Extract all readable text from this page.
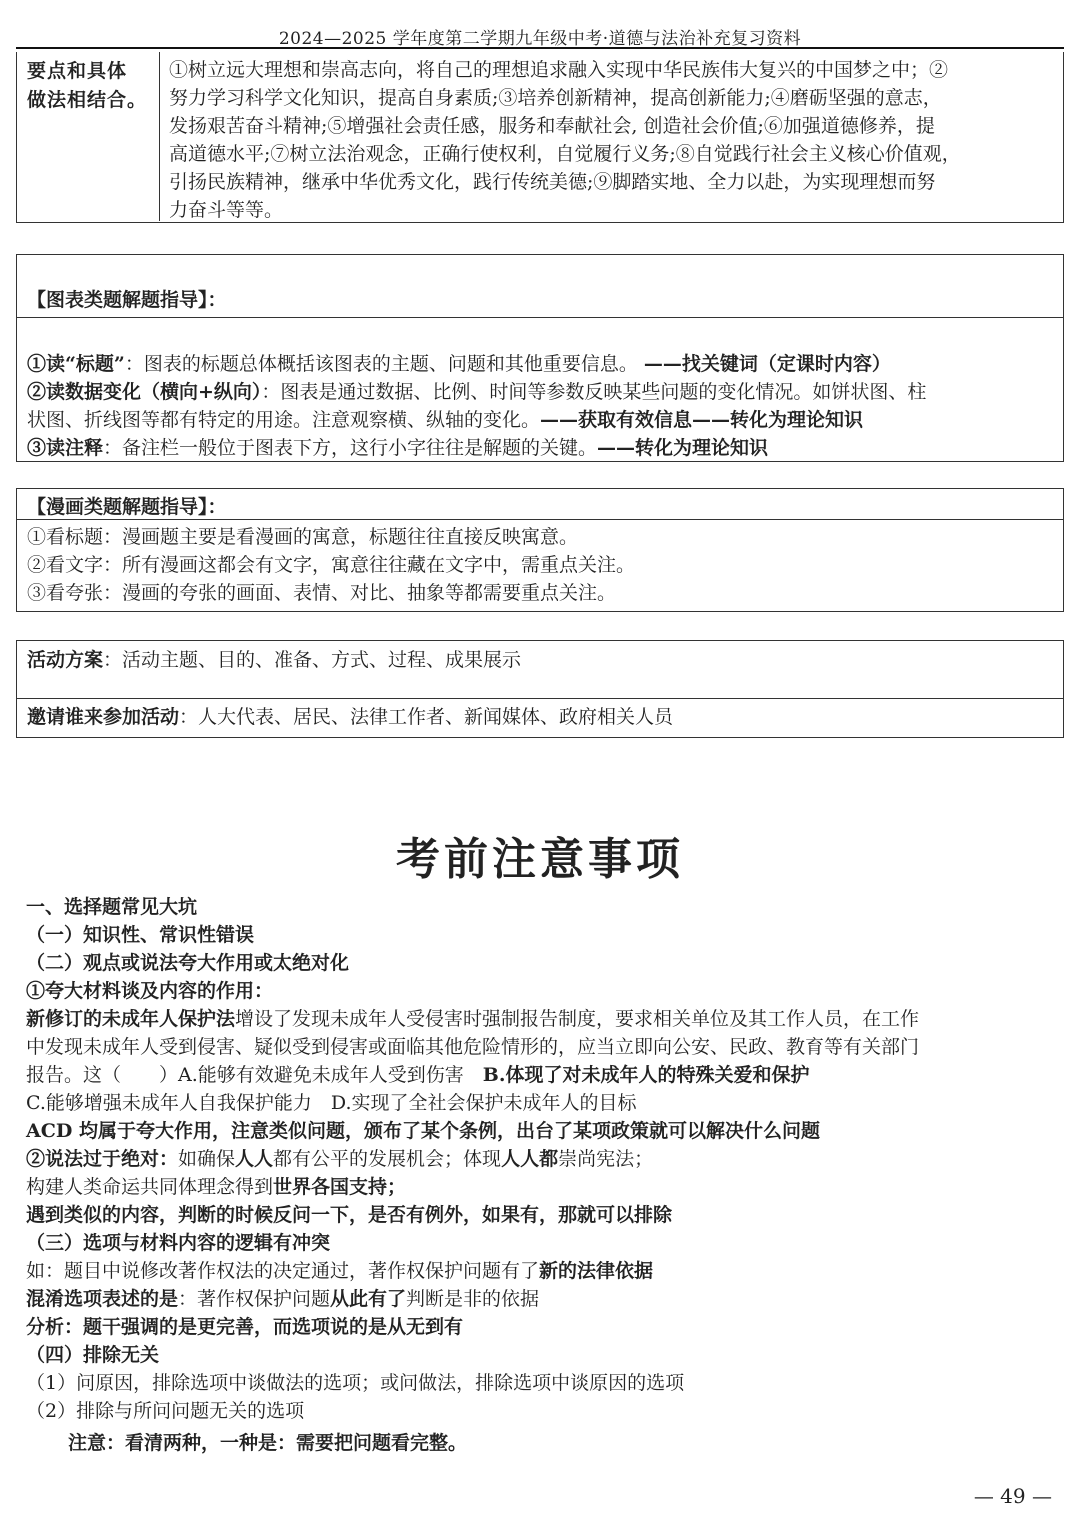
2024—2025 学年度第二学期九年级中考·道德与法治补充复习资料
要点和具体
做法相结合。
①树立远大理想和崇高志向，将自己的理想追求融入实现中华民族伟大复兴的中国梦之中；②
努力学习科学文化知识，提高自身素质;③培养创新精神，提高创新能力;④磨砺坚强的意志，
发扬艰苦奋斗精神;⑤增强社会责任感，服务和奉献社会, 创造社会价值;⑥加强道德修养，提
高道德水平;⑦树立法治观念，正确行使权利，自觉履行义务;⑧自觉践行社会主义核心价值观，
引扬民族精神，继承中华优秀文化，践行传统美德;⑨脚踏实地、全力以赴，为实现理想而努
力奋斗等等。
【图表类题解题指导】：
①读“标题”：图表的标题总体概括该图表的主题、问题和其他重要信息。 ——找关键词（定课时内容）
②读数据变化（横向+纵向）：图表是通过数据、比例、时间等参数反映某些问题的变化情况。如饼状图、柱
状图、折线图等都有特定的用途。注意观察横、纵轴的变化。——获取有效信息——转化为理论知识
③读注释：备注栏一般位于图表下方，这行小字往往是解题的关键。——转化为理论知识
【漫画类题解题指导】：
①看标题：漫画题主要是看漫画的寓意，标题往往直接反映寓意。
②看文字：所有漫画这都会有文字，寓意往往藏在文字中，需重点关注。
③看夸张：漫画的夸张的画面、表情、对比、抽象等都需要重点关注。
活动方案：活动主题、目的、准备、方式、过程、成果展示
邀请谁来参加活动：人大代表、居民、法律工作者、新闻媒体、政府相关人员
考前注意事项
一、选择题常见大坑
（一）知识性、常识性错误
（二）观点或说法夸大作用或太绝对化
①夸大材料谈及内容的作用：
新修订的未成年人保护法增设了发现未成年人受侵害时强制报告制度，要求相关单位及其工作人员，在工作
中发现未成年人受到侵害、疑似受到侵害或面临其他危险情形的，应当立即向公安、民政、教育等有关部门
报告。这（　　）A.能够有效避免未成年人受到伤害　B.体现了对未成年人的特殊关爱和保护
C.能够增强未成年人自我保护能力　D.实现了全社会保护未成年人的目标
ACD 均属于夸大作用，注意类似问题，颁布了某个条例，出台了某项政策就可以解决什么问题
②说法过于绝对：如确保人人都有公平的发展机会；体现人人都崇尚宪法；
构建人类命运共同体理念得到世界各国支持；
遇到类似的内容，判断的时候反问一下，是否有例外，如果有，那就可以排除
（三）选项与材料内容的逻辑有冲突
如：题目中说修改著作权法的决定通过，著作权保护问题有了新的法律依据
混淆选项表述的是：著作权保护问题从此有了判断是非的依据
分析：题干强调的是更完善，而选项说的是从无到有
（四）排除无关
（1）问原因，排除选项中谈做法的选项；或问做法，排除选项中谈原因的选项
（2）排除与所问问题无关的选项
注意：看清两种，一种是：需要把问题看完整。
— 49 —
